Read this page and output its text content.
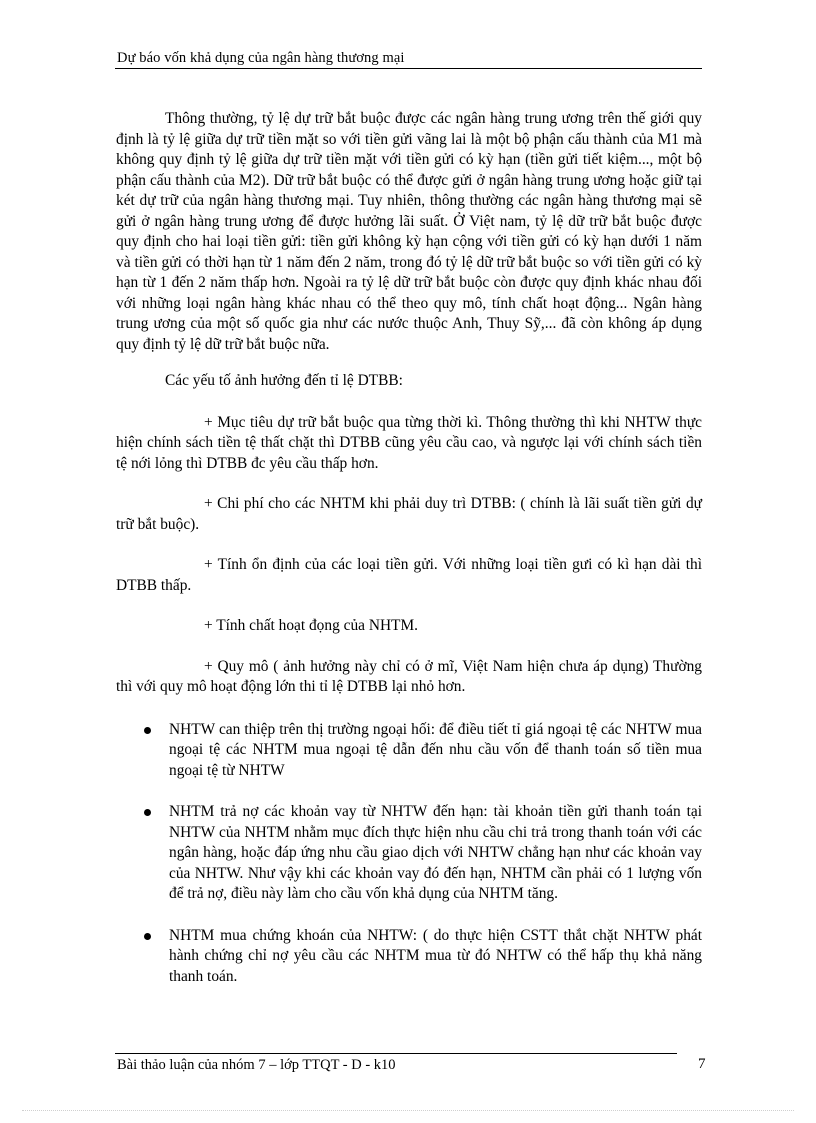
Dự báo vốn khả dụng của ngân hàng thương mại

Thông thường, tỷ lệ dự trữ bắt buộc được các ngân hàng trung ương trên thế giới quy định là tỷ lệ giữa dự trữ tiền mặt so với tiền gửi vãng lai là một bộ phận cấu thành của M1 mà không quy định tỷ lệ giữa dự trữ tiền mặt với tiền gửi có kỳ hạn (tiền gửi tiết kiệm..., một bộ phận cấu thành của M2). Dữ trữ bắt buộc có thể được gửi ở ngân hàng trung ương hoặc giữ tại két dự trữ của ngân hàng thương mại. Tuy nhiên, thông thường các ngân hàng thương mại sẽ gửi ở ngân hàng trung ương để được hưởng lãi suất. Ở Việt nam, tỷ lệ dữ trữ bắt buộc được quy định cho hai loại tiền gửi: tiền gửi không kỳ hạn cộng với tiền gửi có kỳ hạn dưới 1 năm và tiền gửi có thời hạn từ 1 năm đến 2 năm, trong đó tỷ lệ dữ trữ bắt buộc so với tiền gửi có kỳ hạn từ 1 đến 2 năm thấp hơn. Ngoài ra tỷ lệ dữ trữ bắt buộc còn được quy định khác nhau đối với những loại ngân hàng khác nhau có thể theo quy mô, tính chất hoạt động... Ngân hàng trung ương của một số quốc gia như các nước thuộc Anh, Thuy Sỹ,... đã còn không áp dụng quy định tỷ lệ dữ trữ bắt buộc nữa.

Các yếu tố ảnh hưởng đến tỉ lệ DTBB:

+ Mục tiêu dự trữ bắt buộc qua từng thời kì. Thông thường thì khi NHTW thực hiện chính sách tiền tệ thất chặt thì DTBB cũng yêu cầu cao, và ngược lại với chính sách tiền tệ nới lỏng thì DTBB đc yêu cầu thấp hơn.

+ Chi phí cho các NHTM khi phải duy trì DTBB: ( chính là lãi suất tiền gửi dự trữ bắt buộc).

+ Tính ổn định của các loại tiền gửi. Với những loại tiền gưi có kì hạn dài thì DTBB thấp.

+ Tính chất hoạt đọng của NHTM.

+ Quy mô ( ảnh hưởng này chỉ có ở mĩ, Việt Nam hiện chưa áp dụng) Thường thì với quy mô hoạt động lớn thi tỉ lệ DTBB lại nhỏ hơn.

NHTW can thiệp trên thị trường ngoại hối: để điều tiết tỉ giá ngoại tệ các NHTW mua ngoại tệ các NHTM mua ngoại tệ dẫn đến nhu cầu vốn để thanh toán số tiền mua ngoại tệ từ NHTW
NHTM trả nợ các khoản vay từ NHTW đến hạn: tài khoản tiền gửi thanh toán tại NHTW của NHTM nhằm mục đích thực hiện nhu cầu chi trả trong thanh toán với các ngân hàng, hoặc đáp ứng nhu cầu giao dịch với NHTW chẳng hạn như các khoản vay của NHTW. Như vậy khi các khoản vay đó đến hạn, NHTM cần phải có 1 lượng vốn để trả nợ, điều này làm cho cầu vốn khả dụng của NHTM tăng.
NHTM mua chứng khoán của NHTW: ( do thực hiện CSTT thắt chặt NHTW phát hành chứng chỉ nợ yêu cầu các NHTM mua từ đó NHTW có thể hấp thụ khả năng thanh toán.
Bài thảo luận của nhóm 7 – lớp TTQT - D - k10	7
